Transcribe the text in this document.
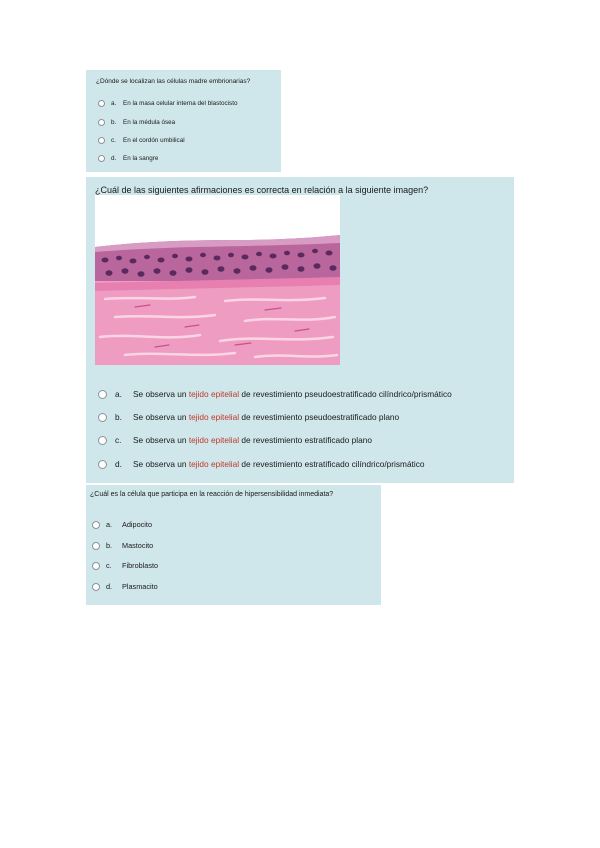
¿Dónde se localizan las células madre embrionarias?
a.	En la masa celular interna del blastocisto
b.	En la médula ósea
c.	En el cordón umbilical
d.	En la sangre
¿Cuál de las siguientes afirmaciones es correcta en relación a la siguiente imagen?
a.	Se observa un
tejido epitelial
de revestimiento pseudoestratificado cilíndrico/prismático
b.	Se observa un
tejido epitelial
de revestimiento pseudoestratificado plano
c.	Se observa un
tejido epitelial
de revestimiento estratificado plano
d.	Se observa un
tejido epitelial
de revestimiento estratificado cilíndrico/prismático
¿Cuál es la célula que participa en la reacción de hipersensibilidad inmediata?
a.	Adipocito
b.	Mastocito
c.	Fibroblasto
d.	Plasmacito
